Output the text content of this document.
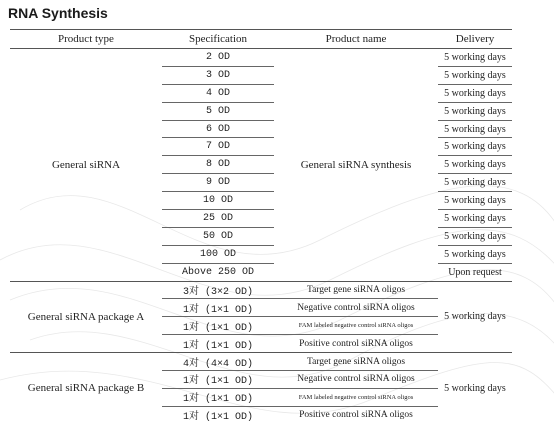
RNA Synthesis
Product type	Specification	Product name	Delivery
General siRNA	2 OD	General siRNA synthesis	5 working days
	3 OD		5 working days
	4 OD		5 working days
	5 OD		5 working days
	6 OD		5 working days
	7 OD		5 working days
	8 OD		5 working days
	9 OD		5 working days
	10 OD		5 working days
	25 OD		5 working days
	50 OD		5 working days
	100 OD		5 working days
	Above 250 OD		Upon request
General siRNA package A	3对 (3×2 OD)	Target gene siRNA oligos	5 working days
	1对 (1×1 OD)	Negative control siRNA oligos	
	1对 (1×1 OD)	FAM labeled negative control siRNA oligos	
	1对 (1×1 OD)	Positive control siRNA oligos	
General siRNA package B	4对 (4×4 OD)	Target gene siRNA oligos	5 working days
	1对 (1×1 OD)	Negative control siRNA oligos	
	1对 (1×1 OD)	FAM labeled negative control siRNA oligos	
	1对 (1×1 OD)	Positive control siRNA oligos	
